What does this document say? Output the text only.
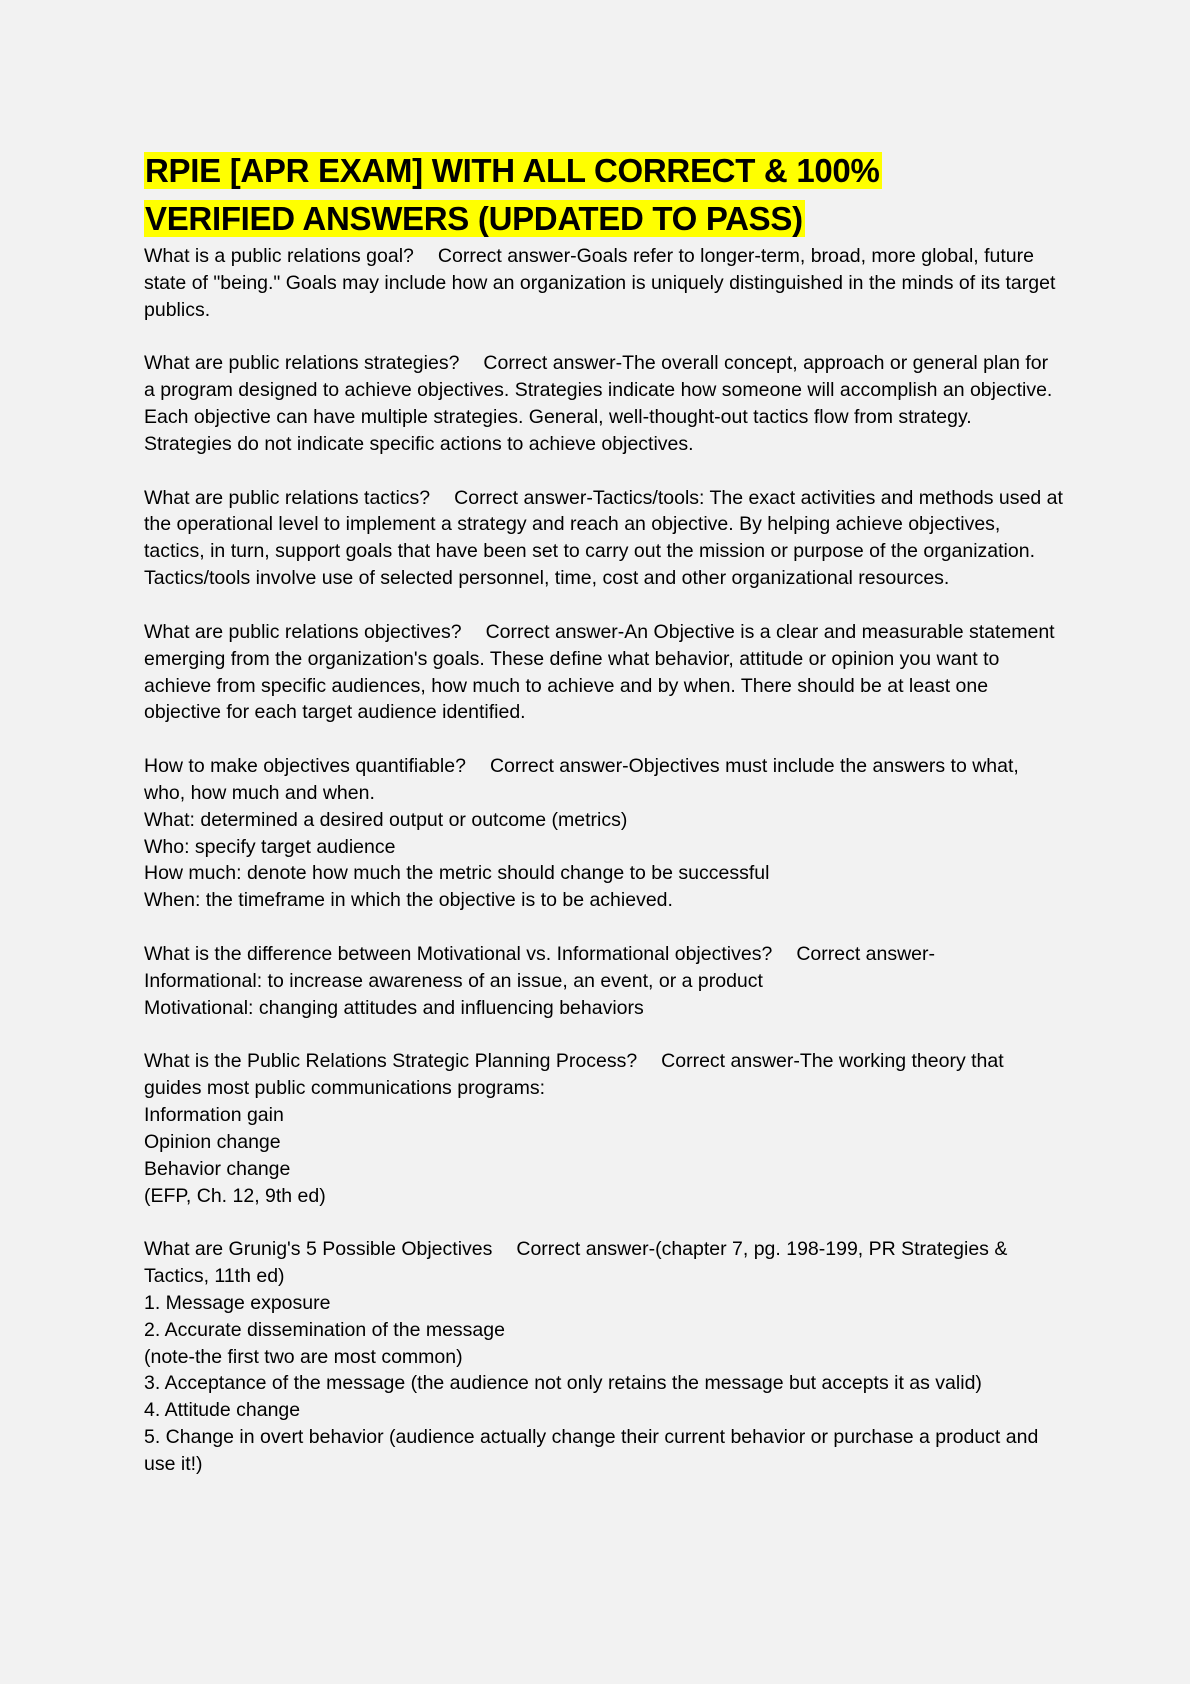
RPIE [APR EXAM] WITH ALL CORRECT & 100%
VERIFIED ANSWERS (UPDATED TO PASS)
What is a public relations goal? Correct answer-Goals refer to longer-term, broad, more global, future state of "being." Goals may include how an organization is uniquely distinguished in the minds of its target publics.
What are public relations strategies? Correct answer-The overall concept, approach or general plan for a program designed to achieve objectives. Strategies indicate how someone will accomplish an objective. Each objective can have multiple strategies. General, well-thought-out tactics flow from strategy. Strategies do not indicate specific actions to achieve objectives.
What are public relations tactics? Correct answer-Tactics/tools: The exact activities and methods used at the operational level to implement a strategy and reach an objective. By helping achieve objectives, tactics, in turn, support goals that have been set to carry out the mission or purpose of the organization. Tactics/tools involve use of selected personnel, time, cost and other organizational resources.
What are public relations objectives? Correct answer-An Objective is a clear and measurable statement emerging from the organization's goals. These define what behavior, attitude or opinion you want to achieve from specific audiences, how much to achieve and by when. There should be at least one objective for each target audience identified.
How to make objectives quantifiable? Correct answer-Objectives must include the answers to what, who, how much and when.
What: determined a desired output or outcome (metrics)
Who: specify target audience
How much: denote how much the metric should change to be successful
When: the timeframe in which the objective is to be achieved.
What is the difference between Motivational vs. Informational objectives? Correct answer-
Informational: to increase awareness of an issue, an event, or a product
Motivational: changing attitudes and influencing behaviors
What is the Public Relations Strategic Planning Process? Correct answer-The working theory that guides most public communications programs:
Information gain
Opinion change
Behavior change
(EFP, Ch. 12, 9th ed)
What are Grunig's 5 Possible Objectives Correct answer-(chapter 7, pg. 198-199, PR Strategies & Tactics, 11th ed)
1. Message exposure
2. Accurate dissemination of the message
(note-the first two are most common)
3. Acceptance of the message (the audience not only retains the message but accepts it as valid)
4. Attitude change
5. Change in overt behavior (audience actually change their current behavior or purchase a product and use it!)
